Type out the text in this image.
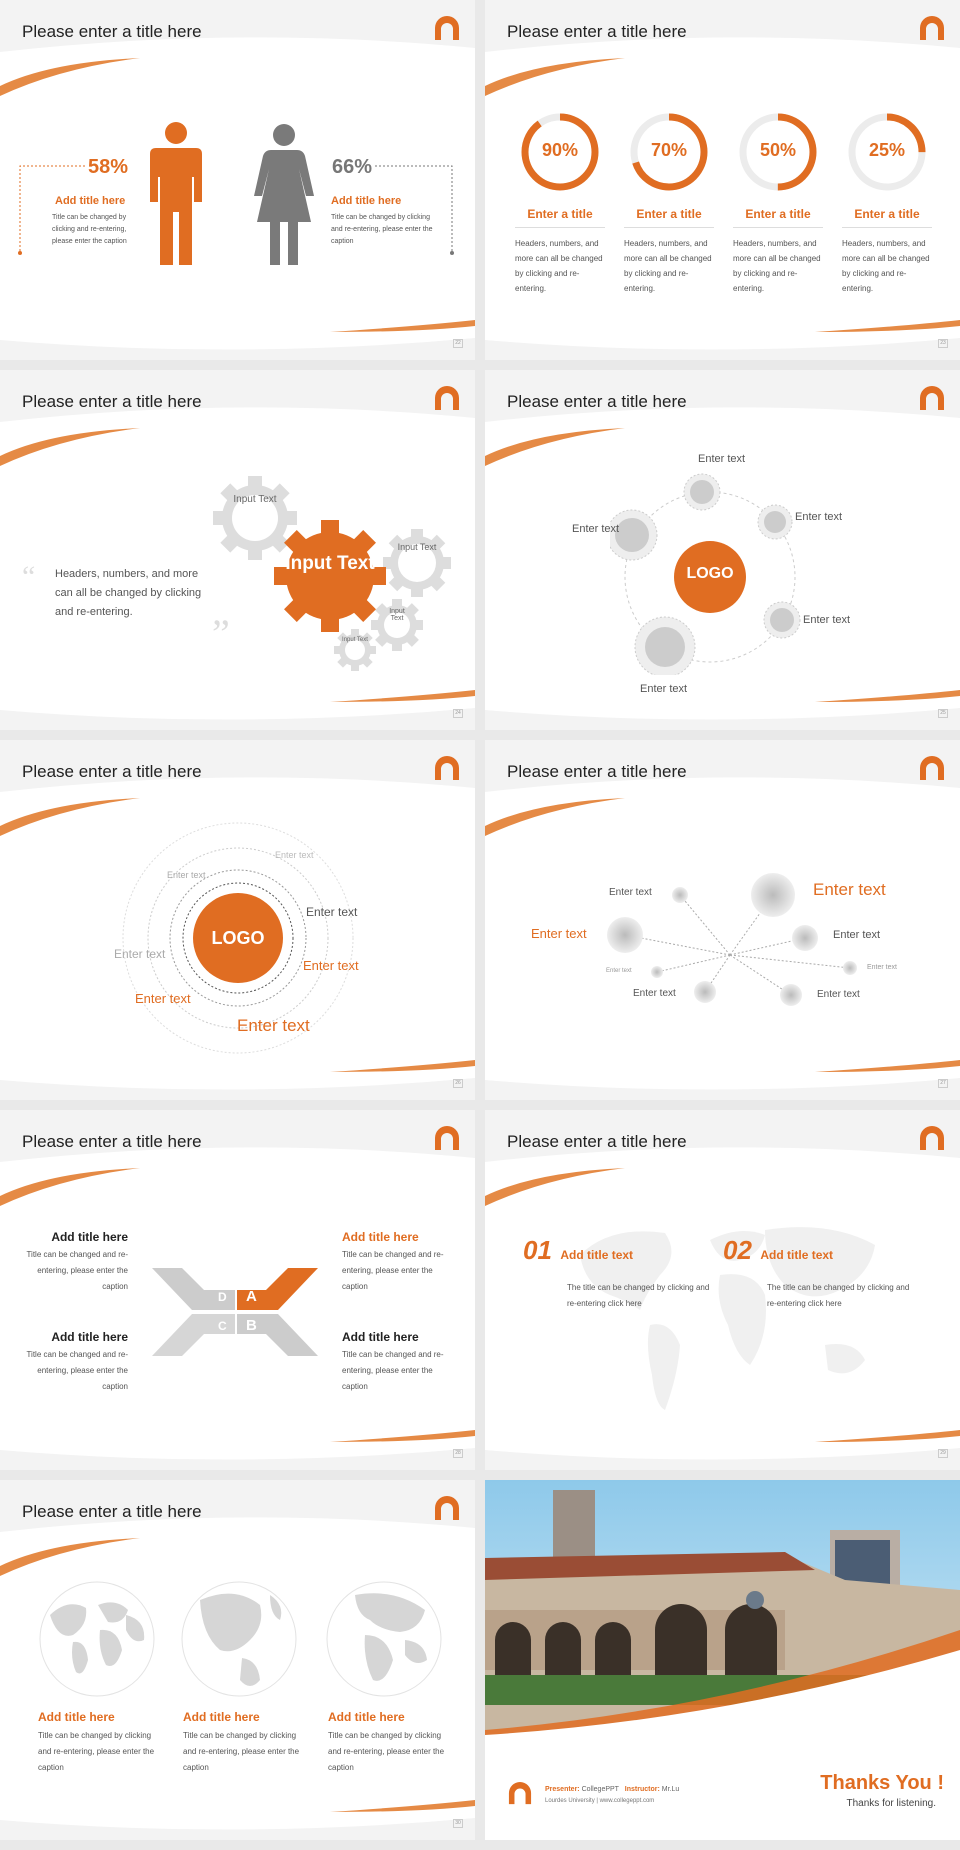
Please enter a title here
58%
Add title here
Title can be changed by clicking and re-entering, please enter the caption
66%
Add title here
Title can be changed by clicking and re-entering, please enter the caption
22
Please enter a title here
90%
Enter a title
Headers, numbers, and more can all be changed by clicking and re-entering.
70%
Enter a title
Headers, numbers, and more can all be changed by clicking and re-entering.
50%
Enter a title
Headers, numbers, and more can all be changed by clicking and re-entering.
25%
Enter a title
Headers, numbers, and more can all be changed by clicking and re-entering.
23
Please enter a title here
“ Headers, numbers, and more can all be changed by clicking and re-entering.	”
Input Text
Input Text
Input Text
Input Text
Input Text
24
Please enter a title here
LOGO
Enter text
Enter text
Enter text
Enter text
Enter text
25
Please enter a title here
LOGO
Enter text
Enter text
Enter text
Enter text
Enter text
Enter text
Enter text
26
Please enter a title here
Enter text	Enter text
Enter text	Enter text
Enter text	Enter text
Enter text	Enter text
27
Please enter a title here
Add title here
Title can be changed and re-entering, please enter the caption
Add title here
Title can be changed and re-entering, please enter the caption
Add title here
Title can be changed and re-entering, please enter the caption
Add title here
Title can be changed and re-entering, please enter the caption
D A
C B
28
Please enter a title here
01 Add title text
The title can be changed by clicking and re-entering click here
02 Add title text
The title can be changed by clicking and re-entering click here
29
Please enter a title here
Add title here
Title can be changed by clicking and re-entering, please enter the caption
Add title here
Title can be changed by clicking and re-entering, please enter the caption
Add title here
Title can be changed by clicking and re-entering, please enter the caption
30
Presenter: CollegePPT Instructor: Mr.Lu
Lourdes University | www.collegeppt.com
Thanks You !
Thanks for listening.
